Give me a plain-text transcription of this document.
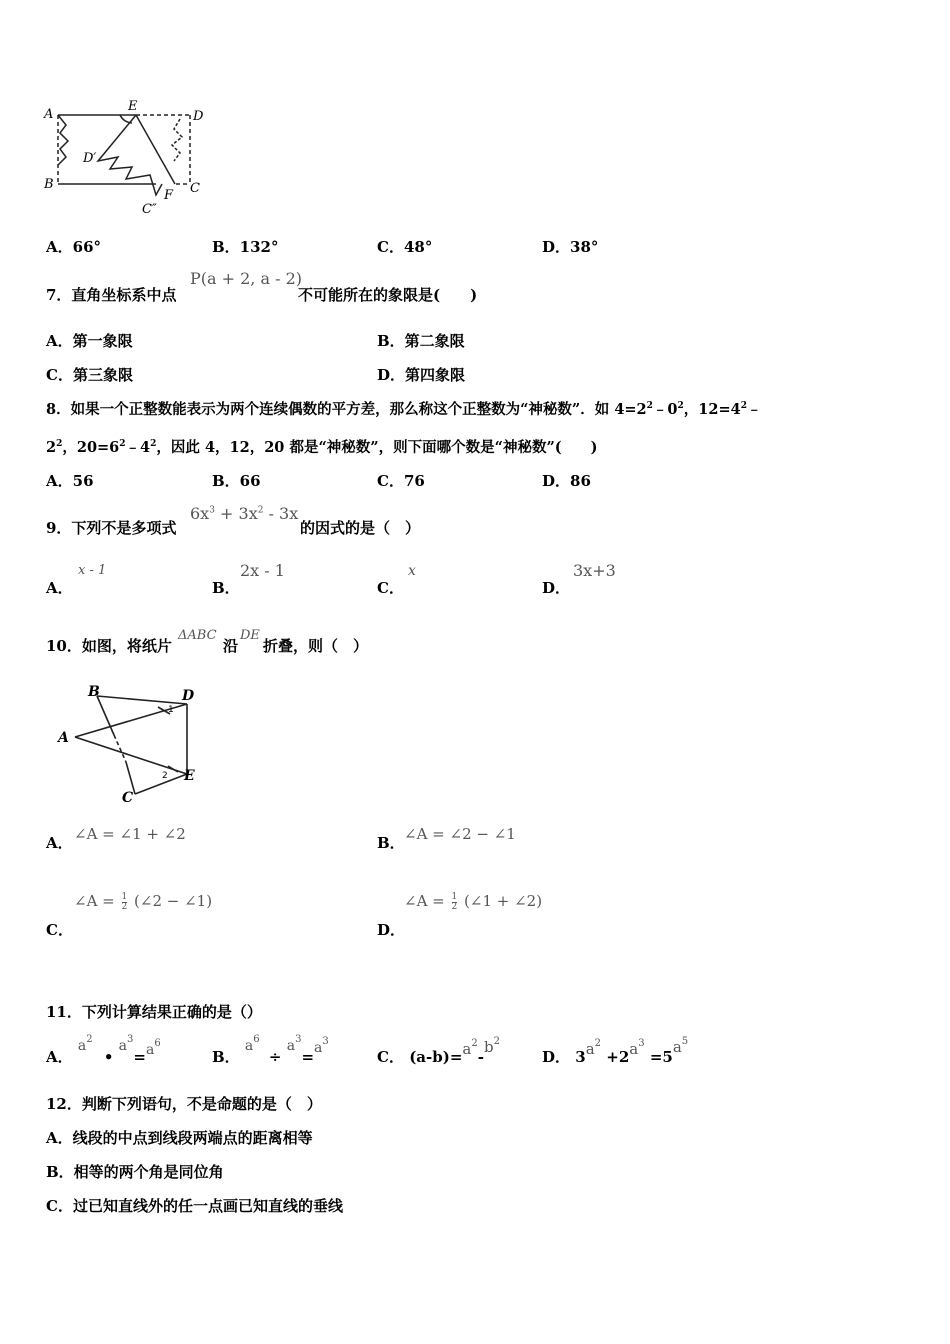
A
B
E
D
C
F
D′
C″
A．66°	B．132°	C．48°	D．38°
7．直角坐标系中点
P(a + 2, a - 2)
不可能所在的象限是(　　)
A．第一象限	B．第二象限
C．第三象限	D．第四象限
8．如果一个正整数能表示为两个连续偶数的平方差，那么称这个正整数为“神秘数”．如 $4=2^2﹣0^2$，$12=4^2﹣$
$2^2$，$20=6^2﹣4^2$，因此 4，12，20 都是“神秘数”，则下面哪个数是“神秘数”(　　)
A．56	B．66	C．76	D．86
9．下列不是多项式
$6x^3 + 3x^2 - 3x$
的因式的是（　）
A．
x - 1
B．
2x - 1
C．
x
D．
3x+3
10．如图，将纸片
ΔABC
沿
DE
折叠，则（　）
B	D
A
C
E
1
2
A． ∠A = ∠1 + ∠2	B． ∠A = ∠2 − ∠1
∠A = $\frac{1}{2}$ (∠2 − ∠1)
C．
∠A = $\frac{1}{2}$ (∠1 + ∠2)
D．
11．下列计算结果正确的是（）
A． $a^2$ • $a^3=a^6$
B． $a^6 \div a^3=a^3$
C． $(a-b)=a^2-b^2$
D． $3a^2 +2a^3 =5a^5$
12．判断下列语句，不是命题的是（　）
A．线段的中点到线段两端点的距离相等
B．相等的两个角是同位角
C．过已知直线外的任一点画已知直线的垂线
